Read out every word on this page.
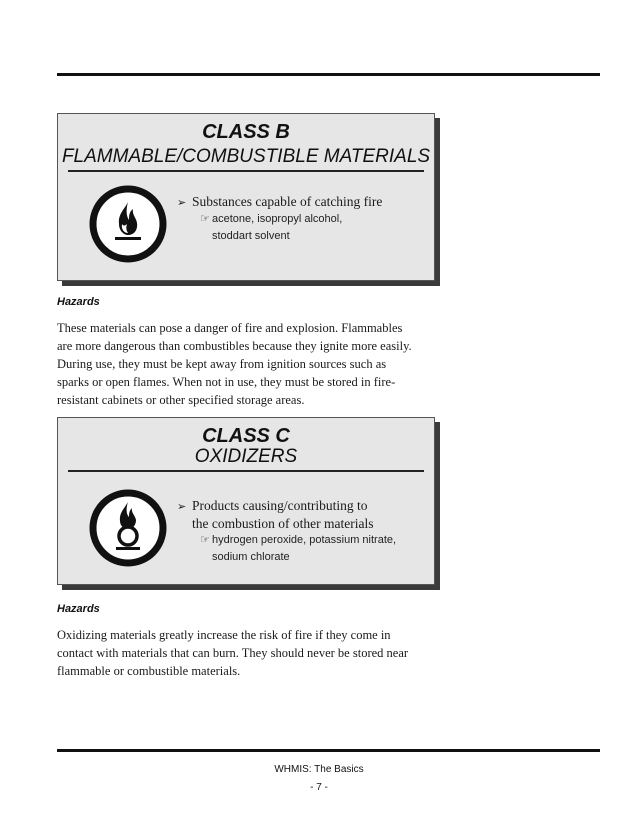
CLASS B
FLAMMABLE/COMBUSTIBLE MATERIALS
➢ Substances capable of catching fire
☞ acetone, isopropyl alcohol,
stoddart solvent
Hazards
These materials can pose a danger of fire and explosion. Flammables
are more dangerous than combustibles because they ignite more easily.
During use, they must be kept away from ignition sources such as
sparks or open flames. When not in use, they must be stored in fire-
resistant cabinets or other specified storage areas.
CLASS C
OXIDIZERS
➢ Products causing/contributing to
the combustion of other materials
☞ hydrogen peroxide, potassium nitrate,
sodium chlorate
Hazards
Oxidizing materials greatly increase the risk of fire if they come in
contact with materials that can burn. They should never be stored near
flammable or combustible materials.
WHMIS: The Basics
- 7 -
